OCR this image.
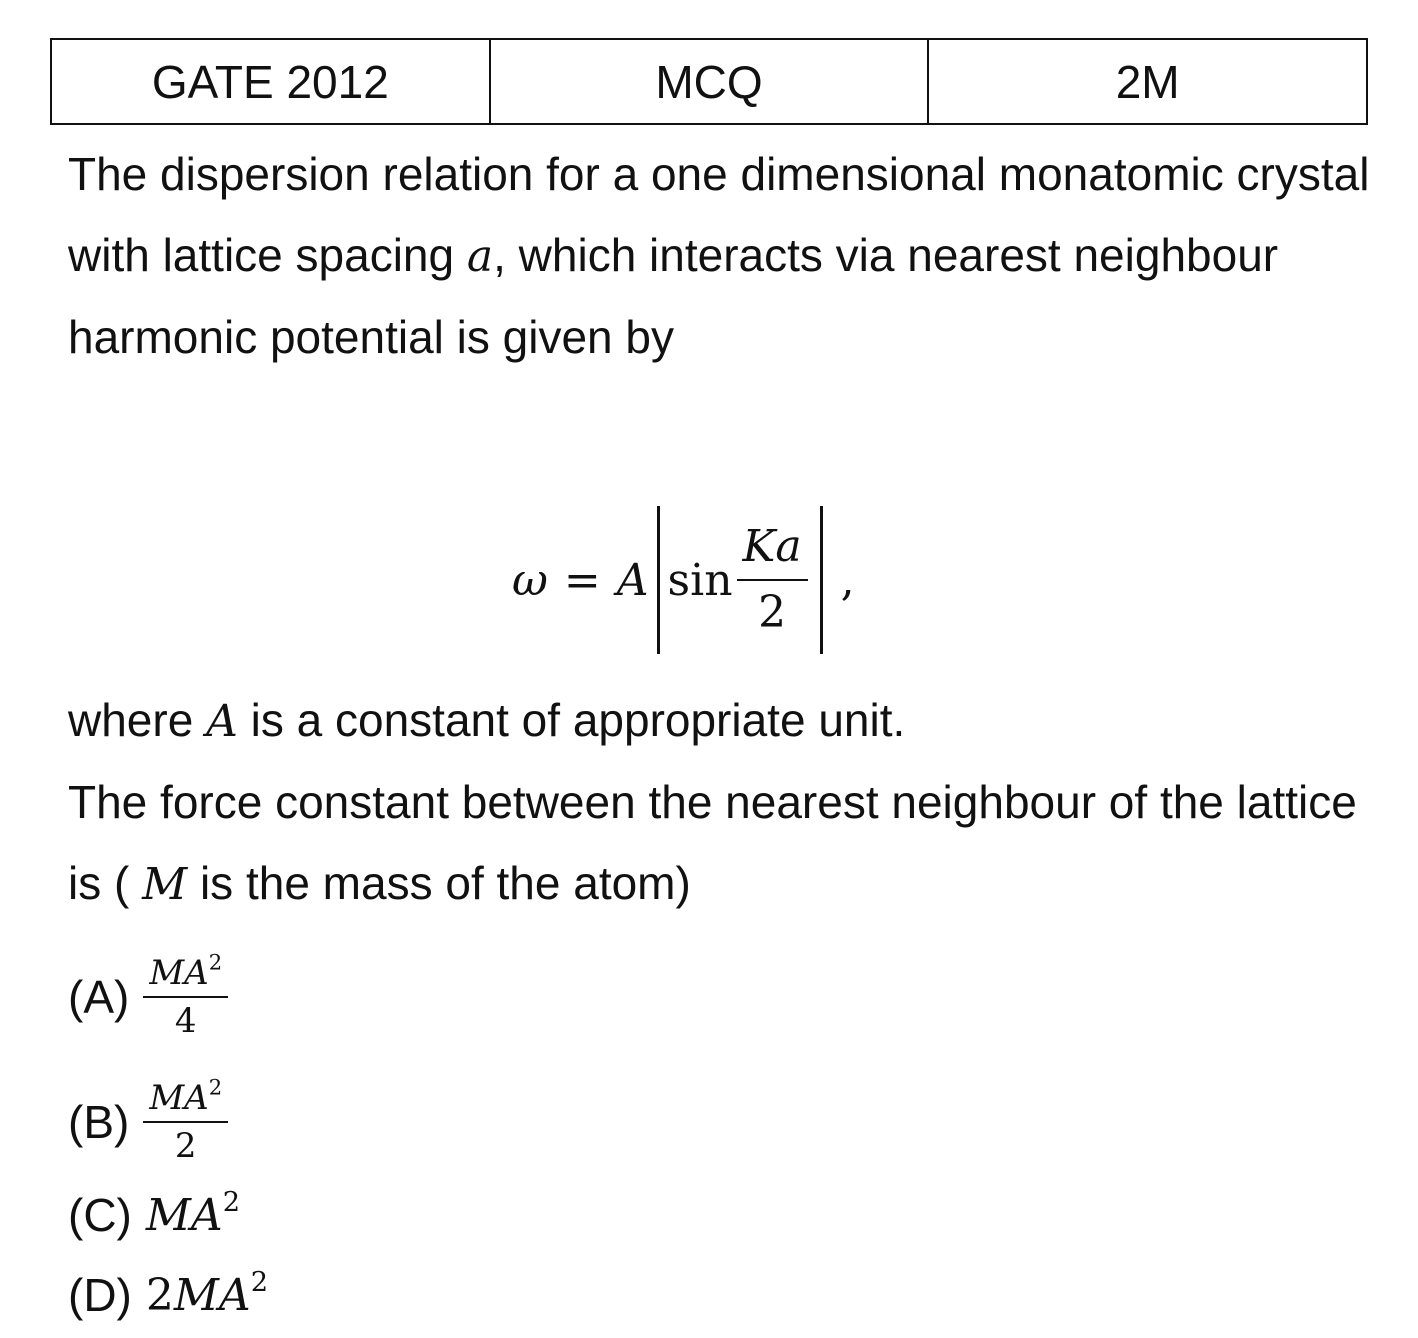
GATE 2012	MCQ	2M
The dispersion relation for a one dimensional monatomic crystal with lattice spacing a, which interacts via nearest neighbour harmonic potential is given by
ω = A $\sin \frac{Ka}{2}$ ,
where A is a constant of appropriate unit.
The force constant between the nearest neighbour of the lattice is ( M is the mass of the atom)
$(A) \frac{MA^2}{4}$
$(B) \frac{MA^2}{2}$
(C) $MA^2$
(D) $2MA^2$
